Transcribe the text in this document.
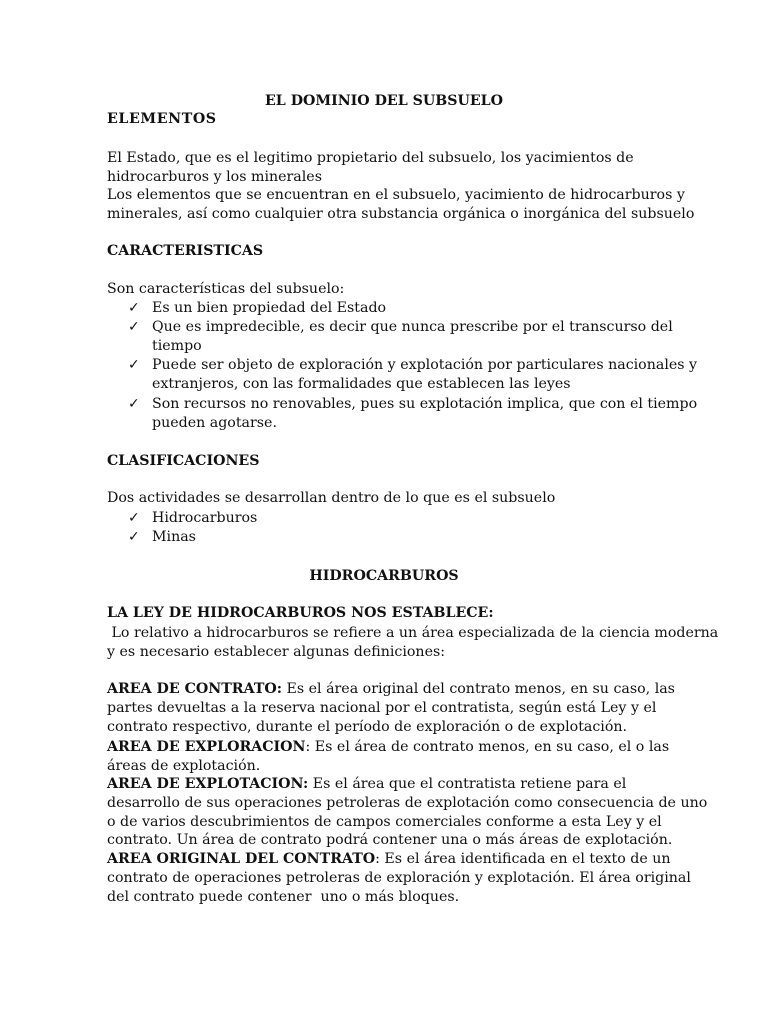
EL DOMINIO DEL SUBSUELO
ELEMENTOS
El Estado, que es el legitimo propietario del subsuelo, los yacimientos de
hidrocarburos y los minerales
Los elementos que se encuentran en el subsuelo, yacimiento de hidrocarburos y
minerales, así como cualquier otra substancia orgánica o inorgánica del subsuelo
CARACTERISTICAS
Son características del subsuelo:
✓ Es un bien propiedad del Estado
✓ Que es impredecible, es decir que nunca prescribe por el transcurso del
tiempo
✓ Puede ser objeto de exploración y explotación por particulares nacionales y
extranjeros, con las formalidades que establecen las leyes
✓ Son recursos no renovables, pues su explotación implica, que con el tiempo
pueden agotarse.
CLASIFICACIONES
Dos actividades se desarrollan dentro de lo que es el subsuelo
✓ Hidrocarburos
✓ Minas
HIDROCARBUROS
LA LEY DE HIDROCARBUROS NOS ESTABLECE:
Lo relativo a hidrocarburos se refiere a un área especializada de la ciencia moderna
y es necesario establecer algunas definiciones:
AREA DE CONTRATO: Es el área original del contrato menos, en su caso, las
partes devueltas a la reserva nacional por el contratista, según está Ley y el
contrato respectivo, durante el período de exploración o de explotación.
AREA DE EXPLORACION: Es el área de contrato menos, en su caso, el o las
áreas de explotación.
AREA DE EXPLOTACION: Es el área que el contratista retiene para el
desarrollo de sus operaciones petroleras de explotación como consecuencia de uno
o de varios descubrimientos de campos comerciales conforme a esta Ley y el
contrato. Un área de contrato podrá contener una o más áreas de explotación.
AREA ORIGINAL DEL CONTRATO: Es el área identificada en el texto de un
contrato de operaciones petroleras de exploración y explotación. El área original
del contrato puede contener  uno o más bloques.
